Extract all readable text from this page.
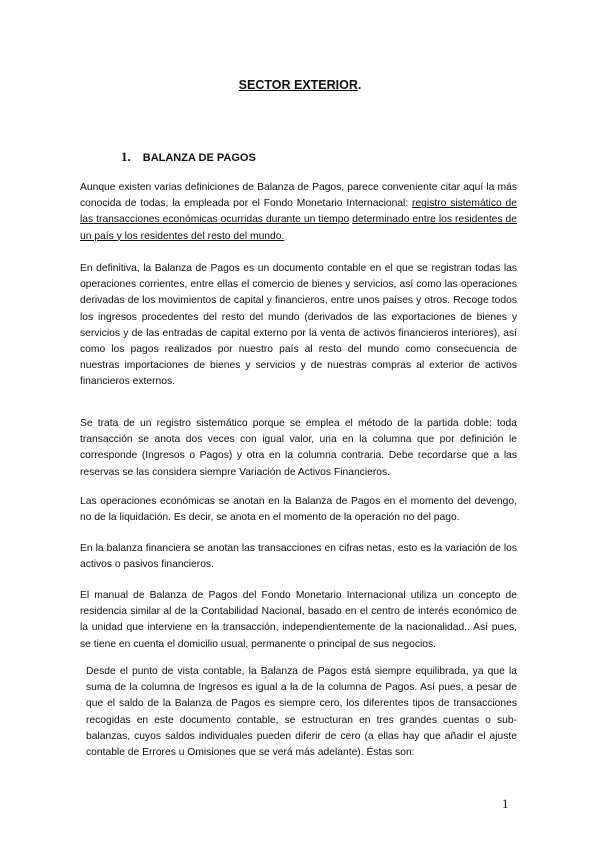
SECTOR EXTERIOR.
1. BALANZA DE PAGOS

Aunque existen varias definiciones de Balanza de Pagos, parece conveniente citar aquí la más conocida de todas, la empleada por el Fondo Monetario Internacional: registro sistemático de las transacciones económicas ocurridas durante un tiempo determinado entre los residentes de un país y los residentes del resto del mundo.

En definitiva, la Balanza de Pagos es un documento contable en el que se registran todas las operaciones corrientes, entre ellas el comercio de bienes y servicios, así como las operaciones derivadas de los movimientos de capital y financieros, entre unos países y otros. Recoge todos los ingresos procedentes del resto del mundo (derivados de las exportaciones de bienes y servicios y de las entradas de capital externo por la venta de activos financieros interiores), así como los pagos realizados por nuestro país al resto del mundo como consecuencia de nuestras importaciones de bienes y servicios y de nuestras compras al exterior de activos financieros externos.

Se trata de un registro sistemático porque se emplea el método de la partida doble: toda transacción se anota dos veces con igual valor, una en la columna que por definición le corresponde (Ingresos o Pagos) y otra en la columna contraria. Debe recordarse que a las reservas se las considera siempre Variación de Activos Financieros.

Las operaciones económicas se anotan en la Balanza de Pagos en el momento del devengo, no de la liquidación. Es decir, se anota en el momento de la operación no del pago.

En la balanza financiera se anotan las transacciones en cifras netas, esto es la variación de los activos o pasivos financieros.

El manual de Balanza de Pagos del Fondo Monetario Internacional utiliza un concepto de residencia similar al de la Contabilidad Nacional, basado en el centro de interés económico de la unidad que interviene en la transacción, independientemente de la nacionalidad.. Así pues, se tiene en cuenta el domicilio usual, permanente o principal de sus negocios.

Desde el punto de vista contable, la Balanza de Pagos está siempre equilibrada, ya que la suma de la columna de Ingresos es igual a la de la columna de Pagos. Así pues, a pesar de que el saldo de la Balanza de Pagos es siempre cero, los diferentes tipos de transacciones recogidas en este documento contable, se estructuran en tres grandes cuentas o sub-balanzas, cuyos saldos individuales pueden diferir de cero (a ellas hay que añadir el ajuste contable de Errores u Omisiones que se verá más adelante). Éstas son:

1
